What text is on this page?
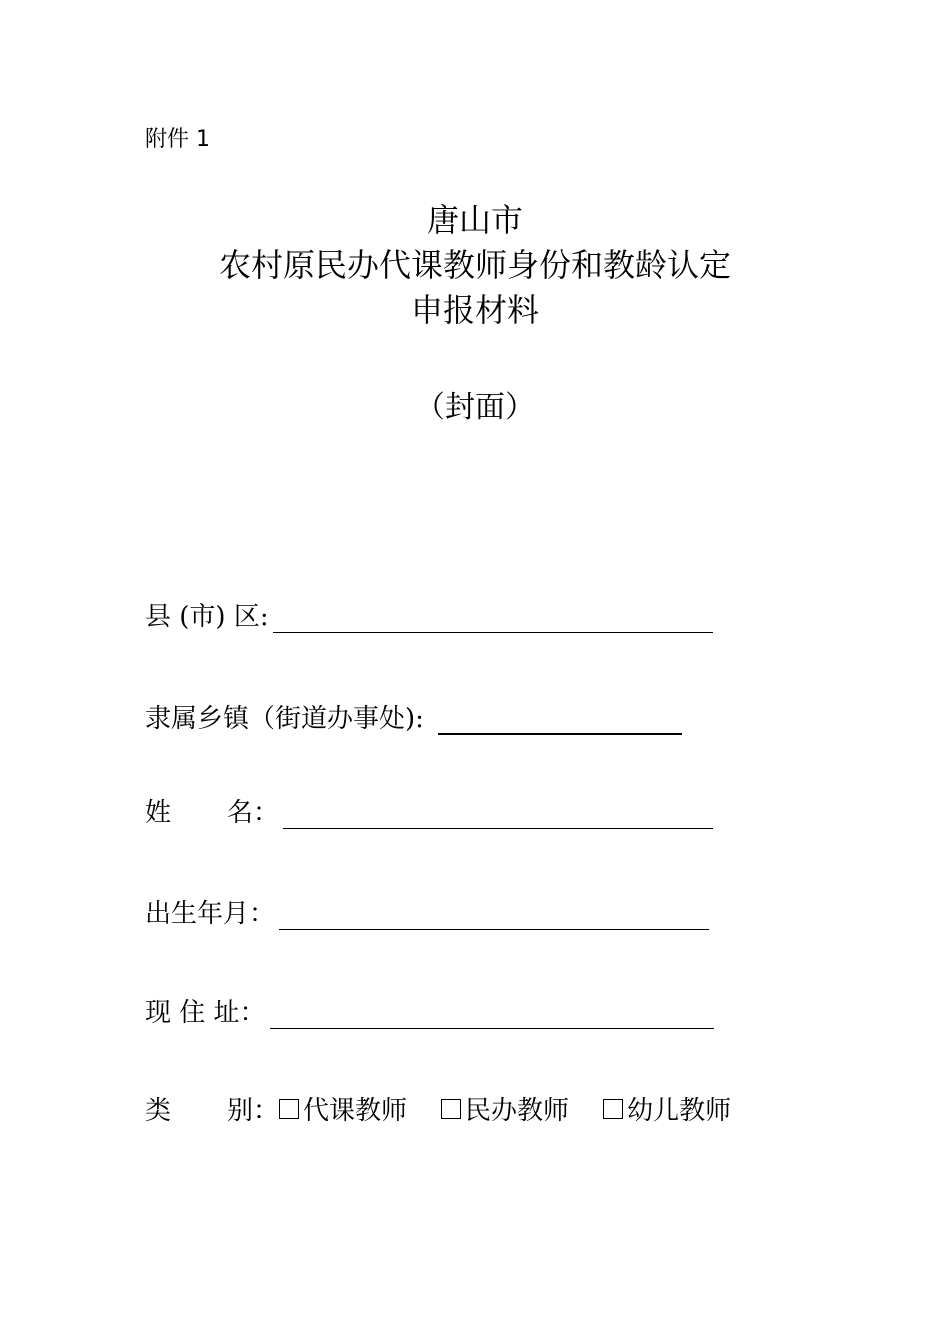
附件 1
唐山市
农村原民办代课教师身份和教龄认定
申报材料
（封面）
县 (市) 区:
隶属乡镇（街道办事处):
姓 名：
出生年月：
现 住 址：
类 别： 代课教师 民办教师 幼儿教师
